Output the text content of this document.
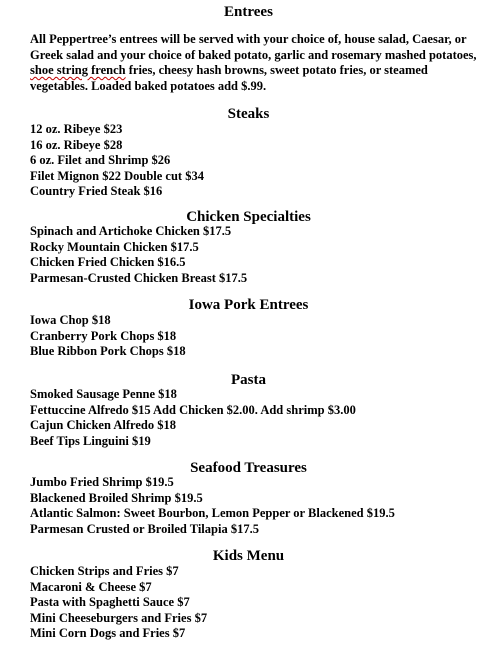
Entrees

All Peppertree’s entrees will be served with your choice of, house salad, Caesar, or Greek salad and your choice of baked potato, garlic and rosemary mashed potatoes, shoe string french fries, cheesy hash browns, sweet potato fries, or steamed vegetables. Loaded baked potatoes add $.99.

Steaks
12 oz. Ribeye $23
16 oz. Ribeye $28
6 oz. Filet and Shrimp $26
Filet Mignon $22 Double cut $34
Country Fried Steak $16
Chicken Specialties
Spinach and Artichoke Chicken $17.5
Rocky Mountain Chicken $17.5
Chicken Fried Chicken $16.5
Parmesan-Crusted Chicken Breast $17.5
Iowa Pork Entrees
Iowa Chop $18
Cranberry Pork Chops $18
Blue Ribbon Pork Chops $18
Pasta
Smoked Sausage Penne $18
Fettuccine Alfredo $15 Add Chicken $2.00. Add shrimp $3.00
Cajun Chicken Alfredo $18
Beef Tips Linguini $19
Seafood Treasures
Jumbo Fried Shrimp $19.5
Blackened Broiled Shrimp $19.5
Atlantic Salmon: Sweet Bourbon, Lemon Pepper or Blackened $19.5
Parmesan Crusted or Broiled Tilapia $17.5
Kids Menu
Chicken Strips and Fries $7
Macaroni & Cheese $7
Pasta with Spaghetti Sauce $7
Mini Cheeseburgers and Fries $7
Mini Corn Dogs and Fries $7
